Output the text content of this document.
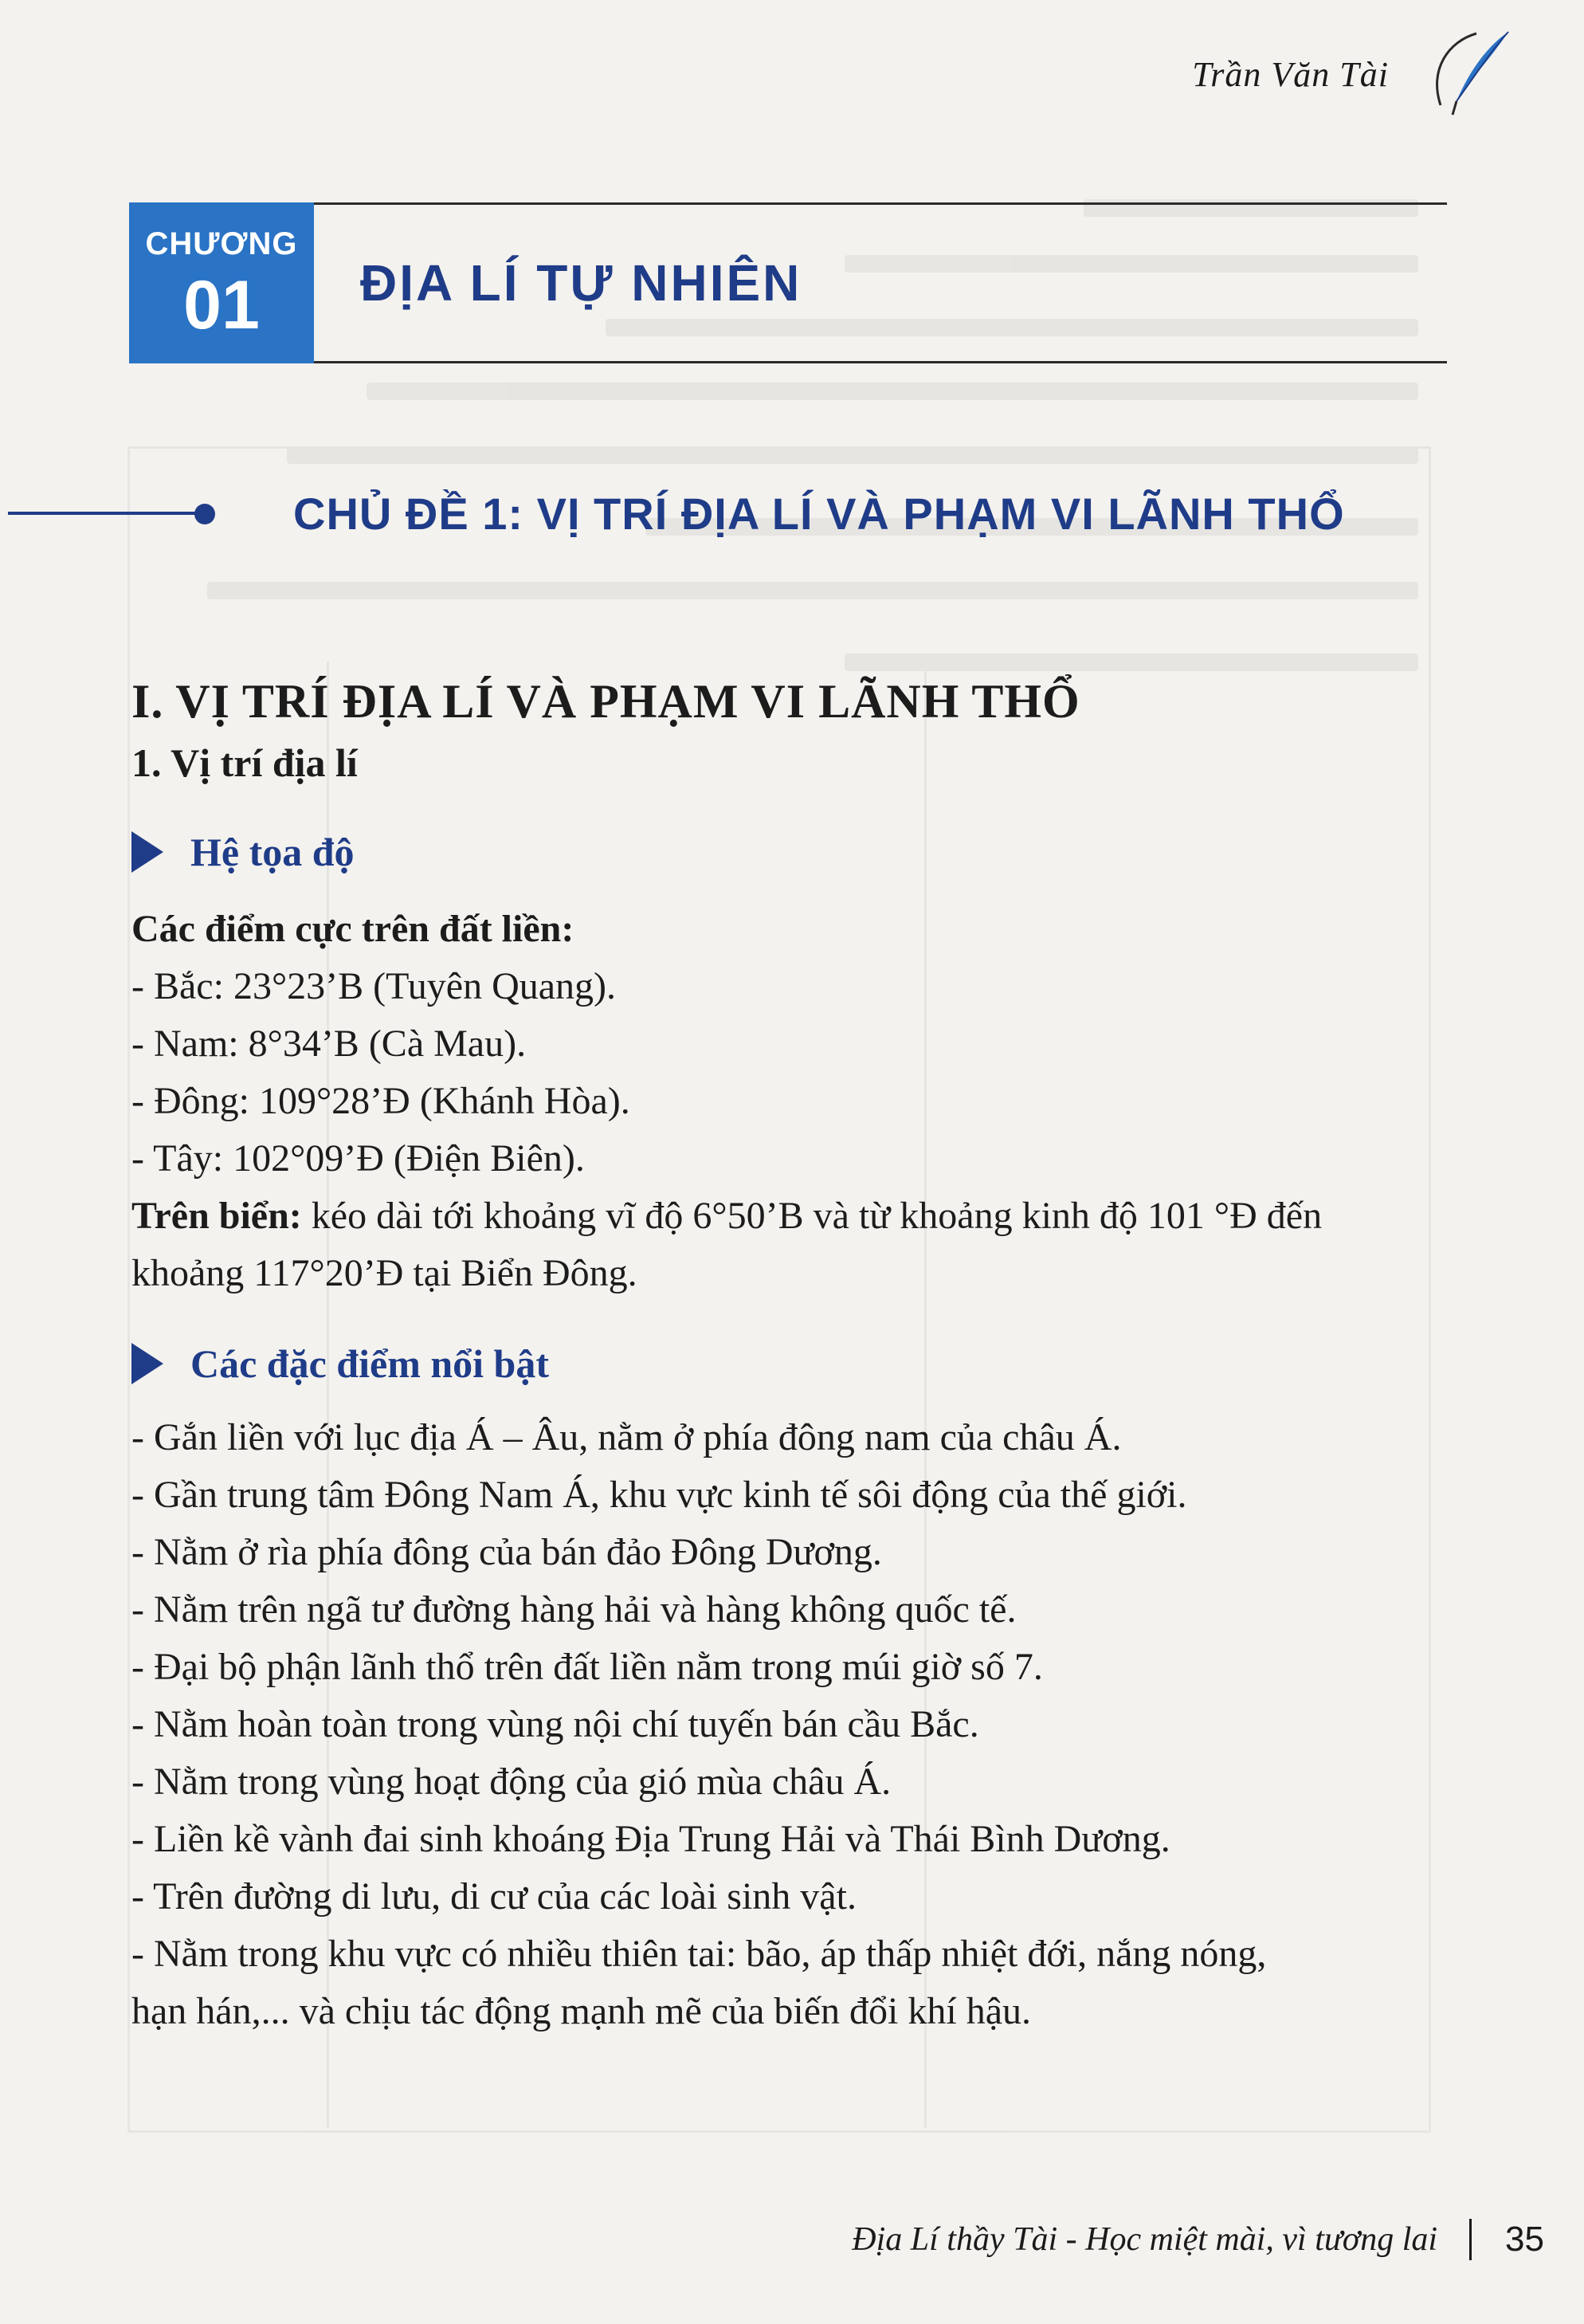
Trần Văn Tài
CHƯƠNG
01	ĐỊA LÍ TỰ NHIÊN
CHỦ ĐỀ 1: VỊ TRÍ ĐỊA LÍ VÀ PHẠM VI LÃNH THỔ

I. VỊ TRÍ ĐỊA LÍ VÀ PHẠM VI LÃNH THỔ

1. Vị trí địa lí

Hệ tọa độ
Các điểm cực trên đất liền:

- Bắc: 23°23’B (Tuyên Quang).

- Nam: 8°34’B (Cà Mau).

- Đông: 109°28’Đ (Khánh Hòa).

- Tây: 102°09’Đ (Điện Biên).

Trên biển: kéo dài tới khoảng vĩ độ 6°50’B và từ khoảng kinh độ 101 °Đ đến

khoảng 117°20’Đ tại Biển Đông.

Các đặc điểm nổi bật

- Gắn liền với lục địa Á – Âu, nằm ở phía đông nam của châu Á.

- Gần trung tâm Đông Nam Á, khu vực kinh tế sôi động của thế giới.

- Nằm ở rìa phía đông của bán đảo Đông Dương.

- Nằm trên ngã tư đường hàng hải và hàng không quốc tế.

- Đại bộ phận lãnh thổ trên đất liền nằm trong múi giờ số 7.

- Nằm hoàn toàn trong vùng nội chí tuyến bán cầu Bắc.

- Nằm trong vùng hoạt động của gió mùa châu Á.

- Liền kề vành đai sinh khoáng Địa Trung Hải và Thái Bình Dương.

- Trên đường di lưu, di cư của các loài sinh vật.

- Nằm trong khu vực có nhiều thiên tai: bão, áp thấp nhiệt đới, nắng nóng,

hạn hán,... và chịu tác động mạnh mẽ của biến đổi khí hậu.

Địa Lí thầy Tài - Học miệt mài, vì tương lai 35
